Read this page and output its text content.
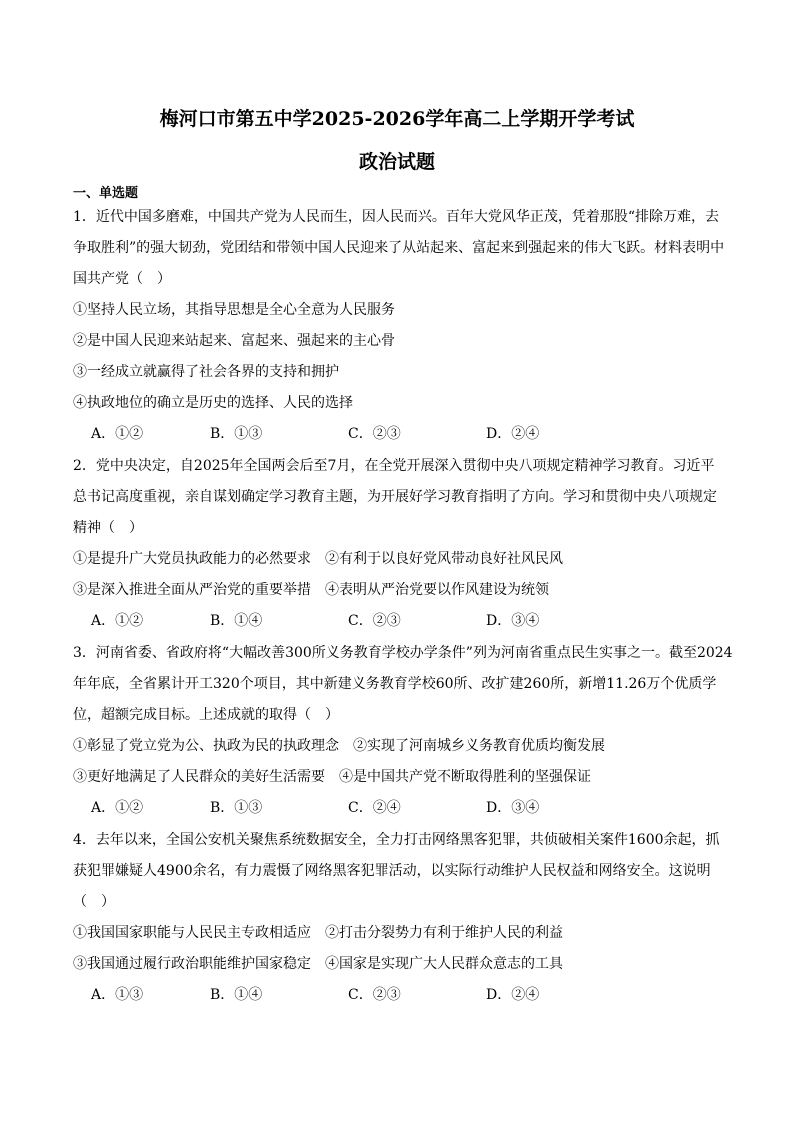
梅河口市第五中学2025-2026学年高二上学期开学考试
政治试题
一、单选题
1．近代中国多磨难，中国共产党为人民而生，因人民而兴。百年大党风华正茂，凭着那股“排除万难，去
争取胜利”的强大韧劲，党团结和带领中国人民迎来了从站起来、富起来到强起来的伟大飞跃。材料表明中
国共产党（　）
①坚持人民立场，其指导思想是全心全意为人民服务
②是中国人民迎来站起来、富起来、强起来的主心骨
③一经成立就赢得了社会各界的支持和拥护
④执政地位的确立是历史的选择、人民的选择
A．①②	B．①③	C．②③	D．②④
2．党中央决定，自2025年全国两会后至7月，在全党开展深入贯彻中央八项规定精神学习教育。习近平
总书记高度重视，亲自谋划确定学习教育主题，为开展好学习教育指明了方向。学习和贯彻中央八项规定
精神（　）
①是提升广大党员执政能力的必然要求　②有利于以良好党风带动良好社风民风
③是深入推进全面从严治党的重要举措　④表明从严治党要以作风建设为统领
A．①②	B．①④	C．②③	D．③④
3．河南省委、省政府将“大幅改善300所义务教育学校办学条件”列为河南省重点民生实事之一。截至2024
年年底，全省累计开工320个项目，其中新建义务教育学校60所、改扩建260所，新增11.26万个优质学
位，超额完成目标。上述成就的取得（　）
①彰显了党立党为公、执政为民的执政理念　②实现了河南城乡义务教育优质均衡发展
③更好地满足了人民群众的美好生活需要　④是中国共产党不断取得胜利的坚强保证
A．①②	B．①③	C．②④	D．③④
4．去年以来，全国公安机关聚焦系统数据安全，全力打击网络黑客犯罪，共侦破相关案件1600余起，抓
获犯罪嫌疑人4900余名，有力震慑了网络黑客犯罪活动，以实际行动维护人民权益和网络安全。这说明
（　）
①我国国家职能与人民民主专政相适应　②打击分裂势力有利于维护人民的利益
③我国通过履行政治职能维护国家稳定　④国家是实现广大人民群众意志的工具
A．①③	B．①④	C．②③	D．②④
